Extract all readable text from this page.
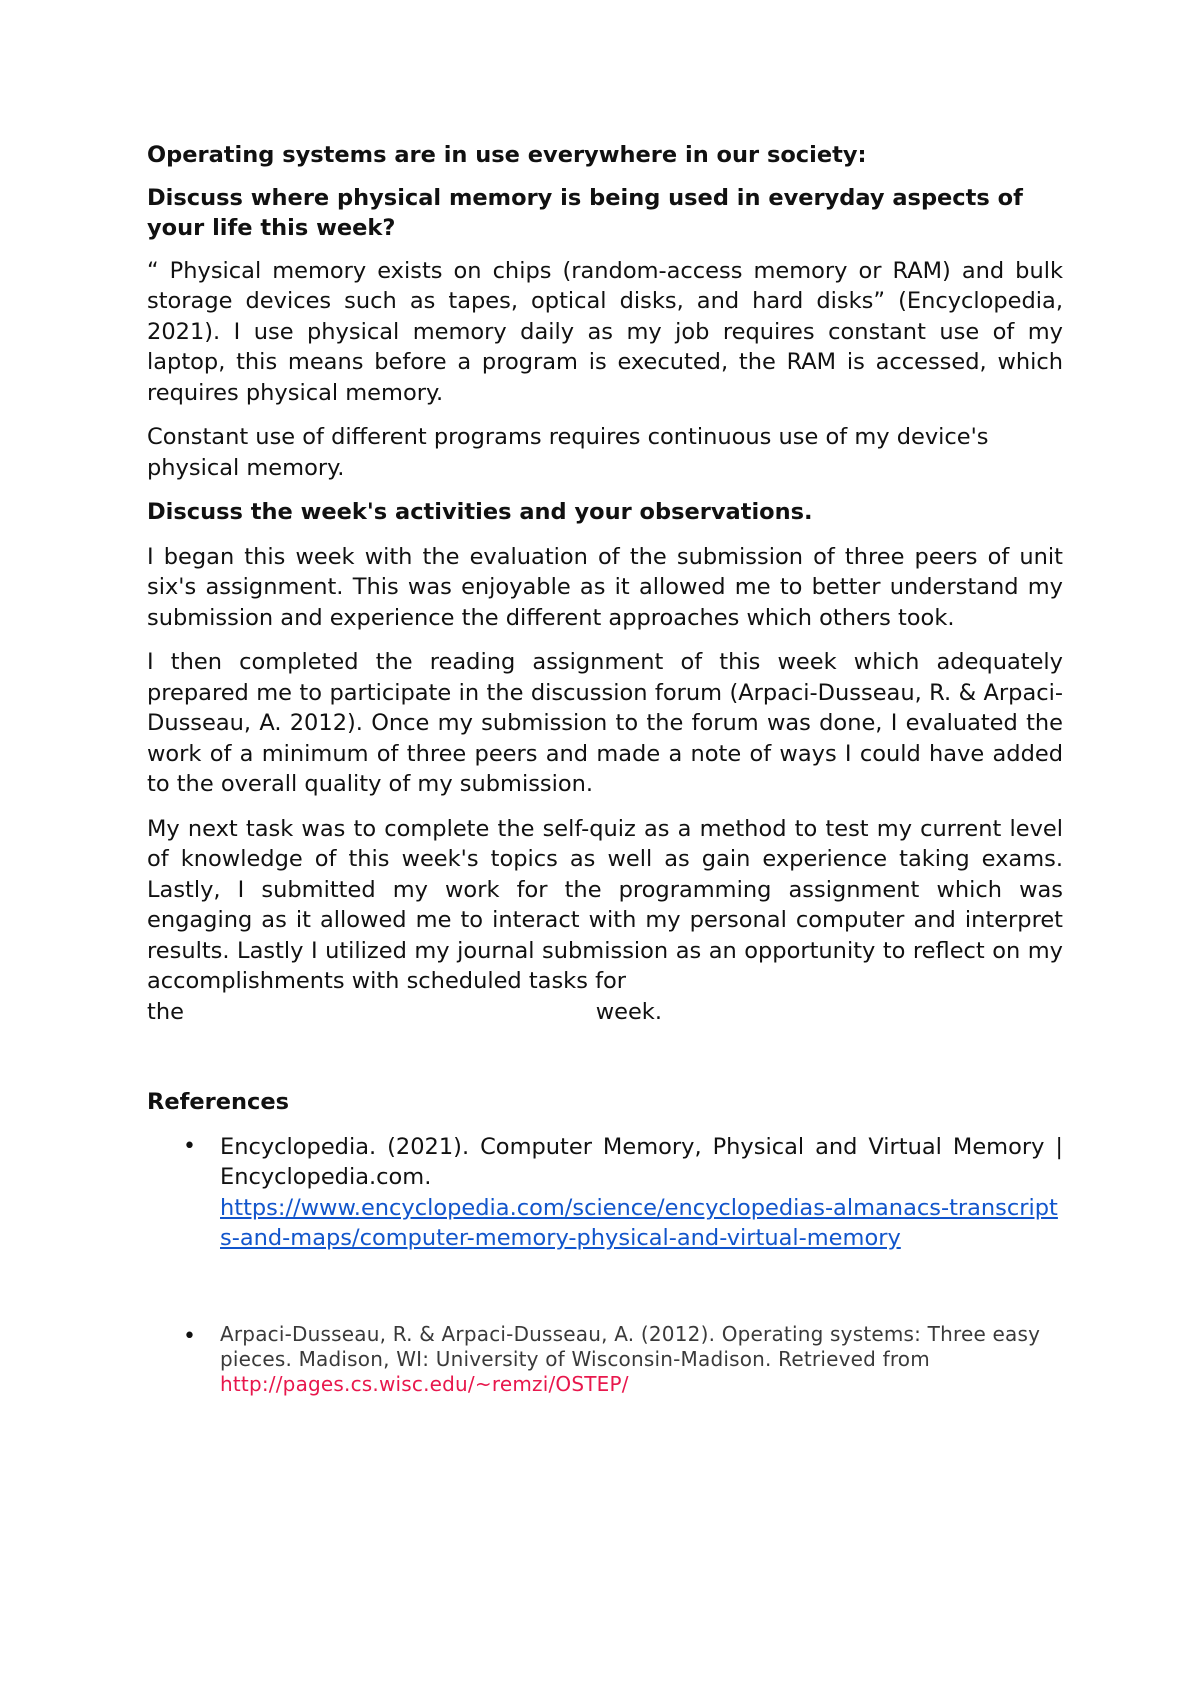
Operating systems are in use everywhere in our society:

Discuss where physical memory is being used in everyday aspects of your life this week?

“ Physical memory exists on chips (random-access memory or RAM) and bulk storage devices such as tapes, optical disks, and hard disks” (Encyclopedia, 2021). I use physical memory daily as my job requires constant use of my laptop, this means before a program is executed, the RAM is accessed, which requires physical memory.

Constant use of different programs requires continuous use of my device's physical memory.

Discuss the week's activities and your observations.

I began this week with the evaluation of the submission of three peers of unit six's assignment. This was enjoyable as it allowed me to better understand my submission and experience the different approaches which others took.

I then completed the reading assignment of this week which adequately prepared me to participate in the discussion forum (Arpaci-Dusseau, R. & Arpaci-Dusseau, A. 2012). Once my submission to the forum was done, I evaluated the work of a minimum of three peers and made a note of ways I could have added to the overall quality of my submission.

My next task was to complete the self-quiz as a method to test my current level of knowledge of this week's topics as well as gain experience taking exams. Lastly, I submitted my work for the programming assignment which was engaging as it allowed me to interact with my personal computer and interpret results. Lastly I utilized my journal submission as an opportunity to reflect on my accomplishments with scheduled tasks for

the	week.

References

• Encyclopedia. (2021). Computer Memory, Physical and Virtual Memory | Encyclopedia.com.

https://www.encyclopedia.com/science/encyclopedias-almanacs-transcripts-and-maps/computer-memory-physical-and-virtual-memory

• Arpaci-Dusseau, R. & Arpaci-Dusseau, A. (2012). Operating systems: Three easy pieces. Madison, WI: University of Wisconsin-Madison. Retrieved from http://pages.cs.wisc.edu/~remzi/OSTEP/
